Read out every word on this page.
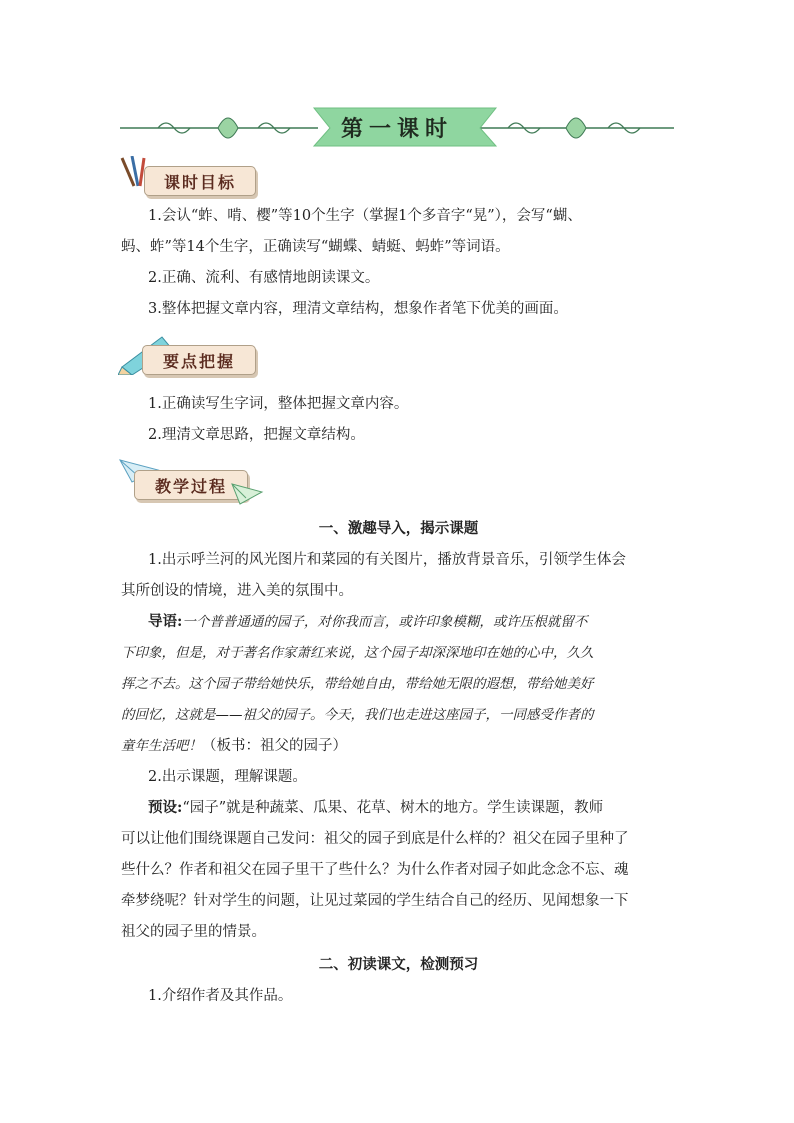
第一课时
课时目标
1.会认“蚱、啃、樱”等10个生字（掌握1个多音字“晃”），会写“蝴、
蚂、蚱”等14个生字，正确读写“蝴蝶、蜻蜓、蚂蚱”等词语。
2.正确、流利、有感情地朗读课文。
3.整体把握文章内容，理清文章结构，想象作者笔下优美的画面。
要点把握
1.正确读写生字词，整体把握文章内容。
2.理清文章思路，把握文章结构。
教学过程
一、激趣导入，揭示课题
1.出示呼兰河的风光图片和菜园的有关图片，播放背景音乐，引领学生体会
其所创设的情境，进入美的氛围中。
导语:一个普普通通的园子，对你我而言，或许印象模糊，或许压根就留不
下印象，但是，对于著名作家萧红来说，这个园子却深深地印在她的心中，久久
挥之不去。这个园子带给她快乐，带给她自由，带给她无限的遐想，带给她美好
的回忆，这就是——祖父的园子。今天，我们也走进这座园子，一同感受作者的
童年生活吧！（板书：祖父的园子）
2.出示课题，理解课题。
预设:“园子”就是种蔬菜、瓜果、花草、树木的地方。学生读课题，教师
可以让他们围绕课题自己发问：祖父的园子到底是什么样的？祖父在园子里种了
些什么？作者和祖父在园子里干了些什么？为什么作者对园子如此念念不忘、魂
牵梦绕呢？针对学生的问题，让见过菜园的学生结合自己的经历、见闻想象一下
祖父的园子里的情景。
二、初读课文，检测预习
1.介绍作者及其作品。
